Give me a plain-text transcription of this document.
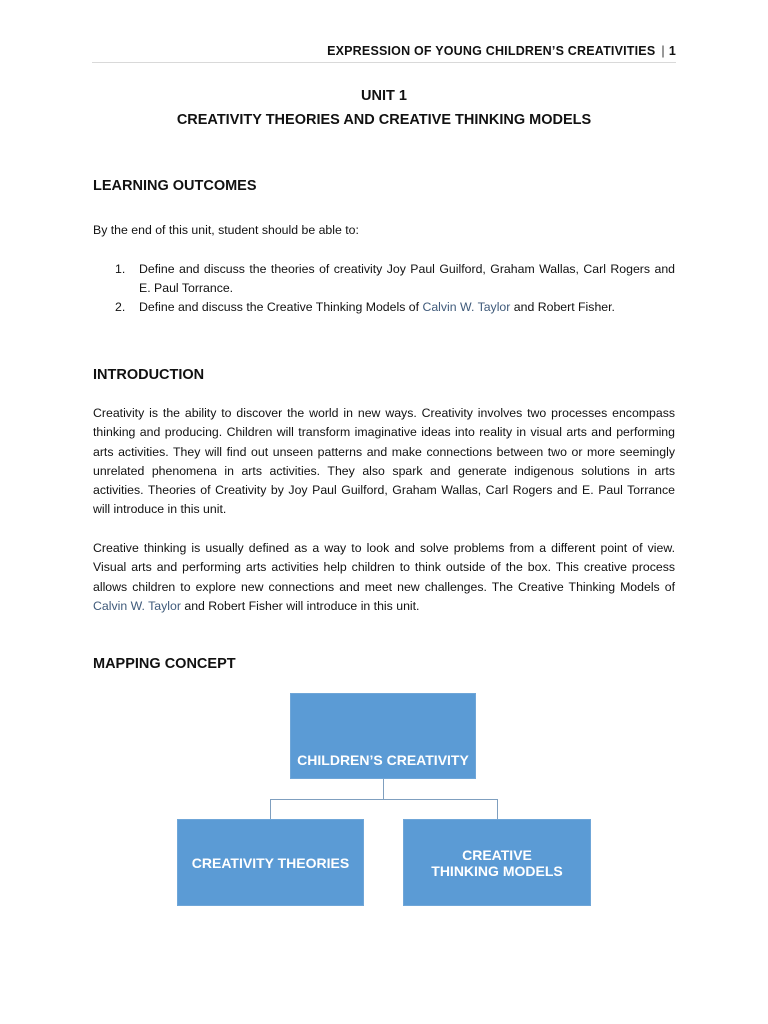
EXPRESSION OF YOUNG CHILDREN’S CREATIVITIES | 1
UNIT 1
CREATIVITY THEORIES AND CREATIVE THINKING MODELS
LEARNING OUTCOMES
By the end of this unit, student should be able to:
1. Define and discuss the theories of creativity Joy Paul Guilford, Graham Wallas, Carl Rogers and E. Paul Torrance.
2. Define and discuss the Creative Thinking Models of Calvin W. Taylor and Robert Fisher.
INTRODUCTION
Creativity is the ability to discover the world in new ways. Creativity involves two processes encompass thinking and producing. Children will transform imaginative ideas into reality in visual arts and performing arts activities. They will find out unseen patterns and make connections between two or more seemingly unrelated phenomena in arts activities. They also spark and generate indigenous solutions in arts activities. Theories of Creativity by Joy Paul Guilford, Graham Wallas, Carl Rogers and E. Paul Torrance will introduce in this unit.
Creative thinking is usually defined as a way to look and solve problems from a different point of view. Visual arts and performing arts activities help children to think outside of the box. This creative process allows children to explore new connections and meet new challenges. The Creative Thinking Models of Calvin W. Taylor and Robert Fisher will introduce in this unit.
MAPPING CONCEPT
CHILDREN’S CREATIVITY
CREATIVITY THEORIES	CREATIVE THINKING MODELS
